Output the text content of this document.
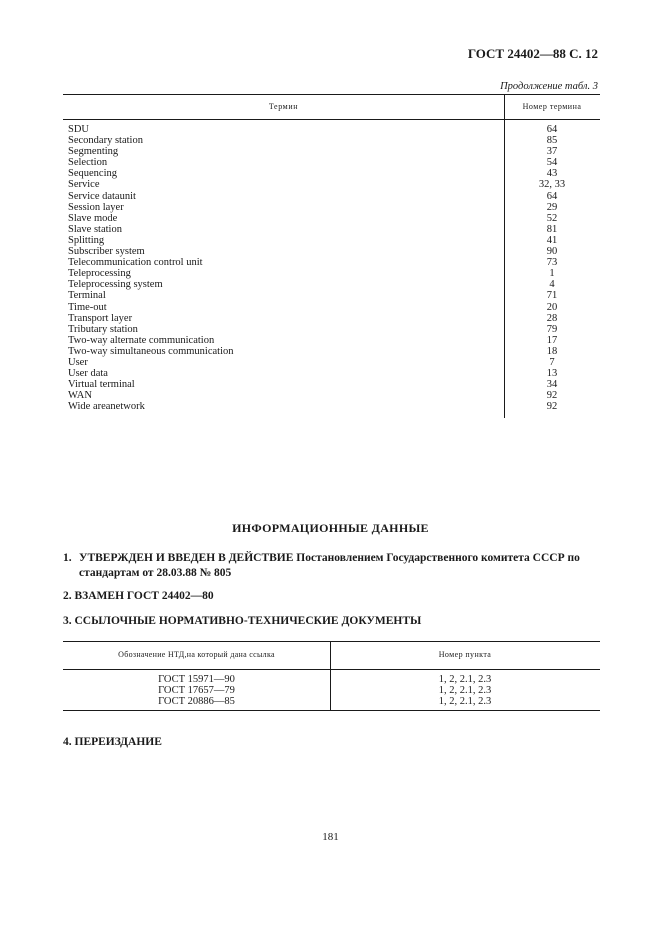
ГОСТ 24402—88 С. 12
Продолжение табл. 3
Термин	Номер термина
SDU	64
Secondary station	85
Segmenting	37
Selection	54
Sequencing	43
Service	32, 33
Service dataunit	64
Session layer	29
Slave mode	52
Slave station	81
Splitting	41
Subscriber system	90
Telecommunication control unit	73
Teleprocessing	1
Teleprocessing system	4
Terminal	71
Time-out	20
Transport layer	28
Tributary station	79
Two-way alternate communication	17
Two-way simultaneous communication	18
User	7
User data	13
Virtual terminal	34
WAN	92
Wide areanetwork	92
ИНФОРМАЦИОННЫЕ ДАННЫЕ
1. УТВЕРЖДЕН И ВВЕДЕН В ДЕЙСТВИЕ Постановлением Государственного комитета СССР по стандартам от 28.03.88 № 805
2. ВЗАМЕН ГОСТ 24402—80
3. ССЫЛОЧНЫЕ НОРМАТИВНО-ТЕХНИЧЕСКИЕ ДОКУМЕНТЫ
Обозначение НТД,на который дана ссылка	Номер пункта
ГОСТ 15971—90	1, 2, 2.1, 2.3
ГОСТ 17657—79	1, 2, 2.1, 2.3
ГОСТ 20886—85	1, 2, 2.1, 2.3
4. ПЕРЕИЗДАНИЕ
181
